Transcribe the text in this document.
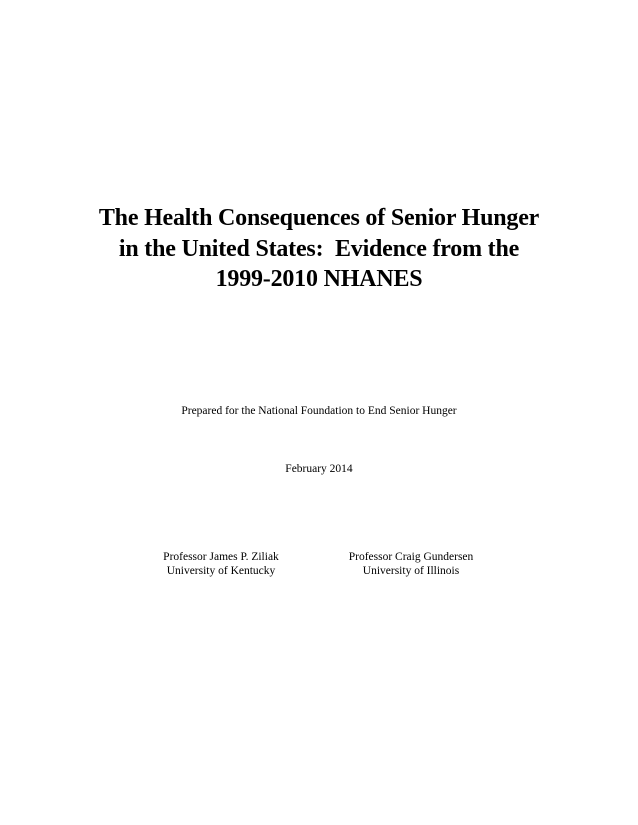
The Health Consequences of Senior Hunger
in the United States:  Evidence from the
1999-2010 NHANES
Prepared for the National Foundation to End Senior Hunger
February 2014
Professor James P. Ziliak
University of Kentucky
Professor Craig Gundersen
University of Illinois
